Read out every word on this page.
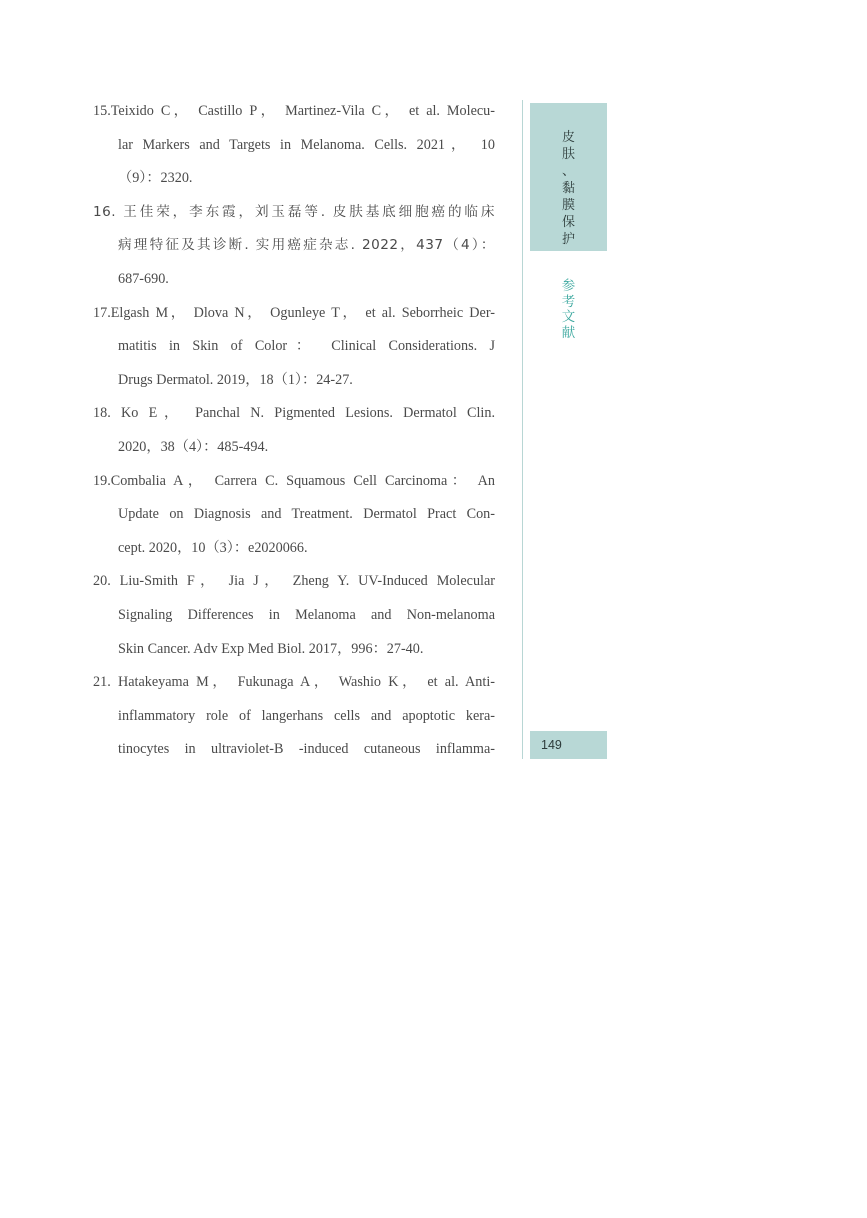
15.Teixido C， Castillo P， Martinez-Vila C， et al. Molecu-
lar Markers and Targets in Melanoma. Cells. 2021， 10
（9）：2320.
16. 王佳荣，李东霞，刘玉磊等. 皮肤基底细胞癌的临床
病理特征及其诊断. 实用癌症杂志. 2022，437（4）：
687-690.
17.Elgash M， Dlova N， Ogunleye T， et al. Seborrheic Der-
matitis in Skin of Color： Clinical Considerations. J
Drugs Dermatol. 2019，18（1）：24-27.
18. Ko E， Panchal N. Pigmented Lesions. Dermatol Clin.
2020，38（4）：485-494.
19.Combalia A， Carrera C. Squamous Cell Carcinoma： An
Update on Diagnosis and Treatment. Dermatol Pract Con-
cept. 2020，10（3）：e2020066.
20. Liu-Smith F， Jia J， Zheng Y. UV-Induced Molecular
Signaling Differences in Melanoma and Non-melanoma
Skin Cancer. Adv Exp Med Biol. 2017，996：27-40.
21. Hatakeyama M， Fukunaga A， Washio K， et al. Anti-
inflammatory role of langerhans cells and apoptotic kera-
tinocytes in ultraviolet-B -induced cutaneous inflamma-
皮
肤
、
黏
膜
保
护
参
考
文
献
149
